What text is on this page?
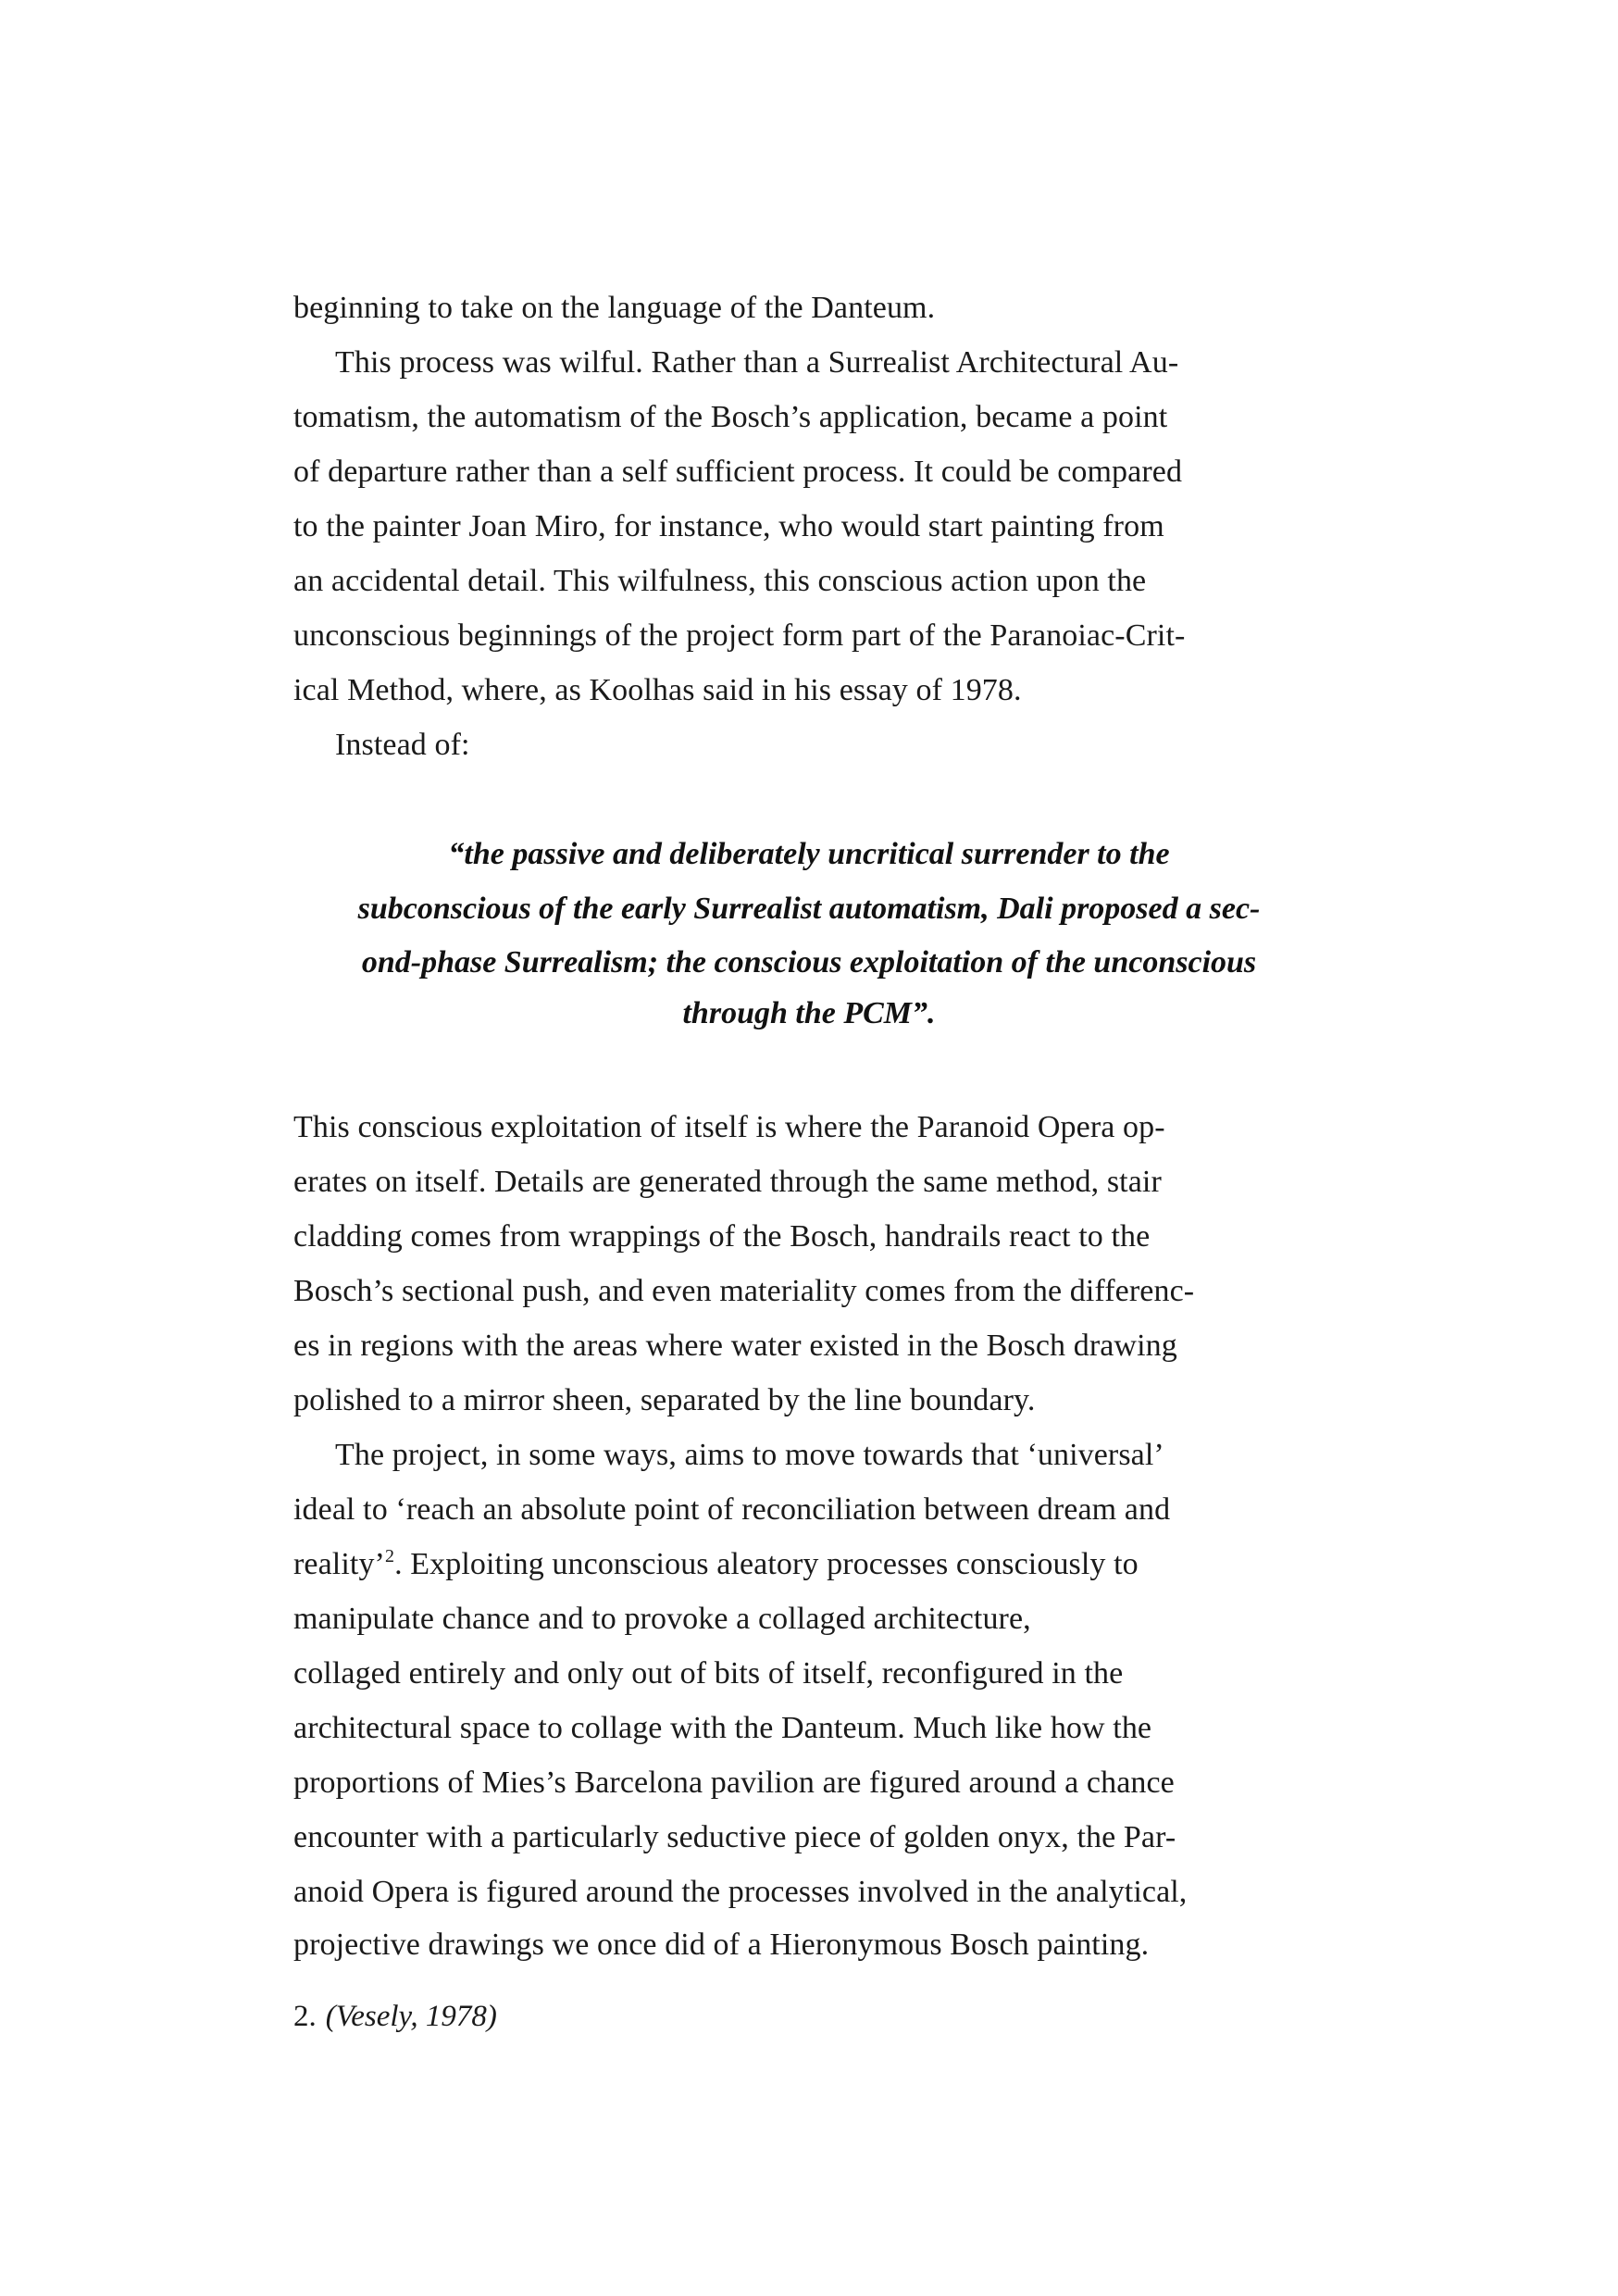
beginning to take on the language of the Danteum.
This process was wilful. Rather than a Surrealist Architectural Au-
tomatism, the automatism of the Bosch’s application, became a point
of departure rather than a self sufficient process. It could be compared
to the painter Joan Miro, for instance, who would start painting from
an accidental detail. This wilfulness, this conscious action upon the
unconscious beginnings of the project form part of the Paranoiac-Crit-
ical Method, where, as Koolhas said in his essay of 1978.
Instead of:
“the passive and deliberately uncritical surrender to the
subconscious of the early Surrealist automatism, Dali proposed a sec-
ond-phase Surrealism; the conscious exploitation of the unconscious
through the PCM”.
This conscious exploitation of itself is where the Paranoid Opera op-
erates on itself. Details are generated through the same method, stair
cladding comes from wrappings of the Bosch, handrails react to the
Bosch’s sectional push, and even materiality comes from the differenc-
es in regions with the areas where water existed in the Bosch drawing
polished to a mirror sheen, separated by the line boundary.
The project, in some ways, aims to move towards that ‘universal’
ideal to ‘reach an absolute point of reconciliation between dream and
reality’$^2$. Exploiting unconscious aleatory processes consciously to
manipulate chance and to provoke a collaged architecture,
collaged entirely and only out of bits of itself, reconfigured in the
architectural space to collage with the Danteum. Much like how the
proportions of Mies’s Barcelona pavilion are figured around a chance
encounter with a particularly seductive piece of golden onyx, the Par-
anoid Opera is figured around the processes involved in the analytical,
projective drawings we once did of a Hieronymous Bosch painting.
2. (Vesely, 1978)
